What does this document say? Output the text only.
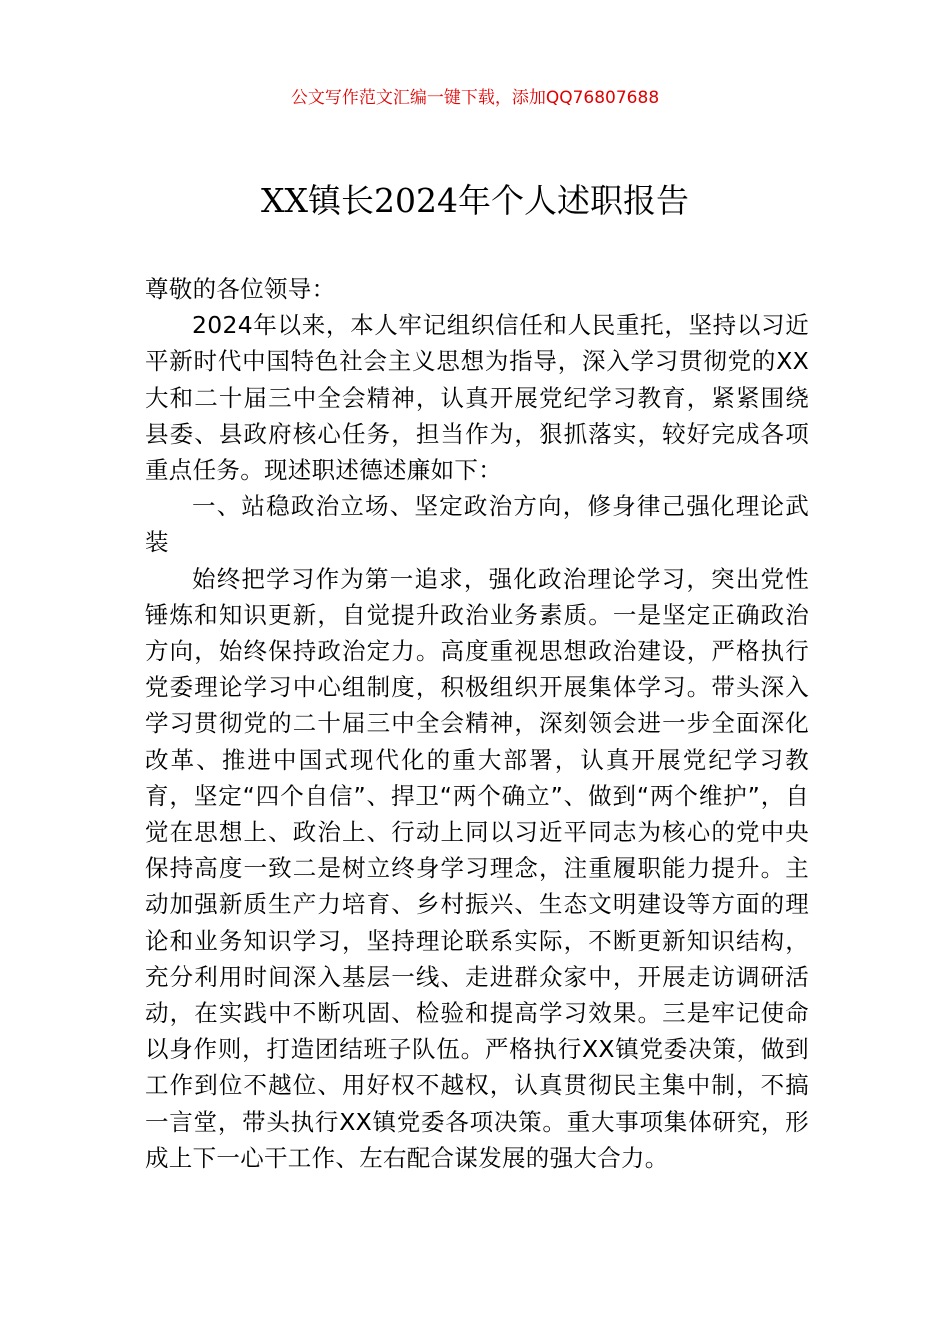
公文写作范文汇编一键下载，添加QQ76807688
XX镇长2024年个人述职报告

尊敬的各位领导：

2024年以来，本人牢记组织信任和人民重托，坚持以习近平新时代中国特色社会主义思想为指导，深入学习贯彻党的XX大和二十届三中全会精神，认真开展党纪学习教育，紧紧围绕县委、县政府核心任务，担当作为，狠抓落实，较好完成各项重点任务。现述职述德述廉如下：

一、站稳政治立场、坚定政治方向，修身律己强化理论武装

始终把学习作为第一追求，强化政治理论学习，突出党性锤炼和知识更新，自觉提升政治业务素质。一是坚定正确政治方向，始终保持政治定力。高度重视思想政治建设，严格执行党委理论学习中心组制度，积极组织开展集体学习。带头深入学习贯彻党的二十届三中全会精神，深刻领会进一步全面深化改革、推进中国式现代化的重大部署，认真开展党纪学习教育，坚定“四个自信”、捍卫“两个确立”、做到“两个维护”，自觉在思想上、政治上、行动上同以习近平同志为核心的党中央保持高度一致二是树立终身学习理念，注重履职能力提升。主动加强新质生产力培育、乡村振兴、生态文明建设等方面的理论和业务知识学习，坚持理论联系实际，不断更新知识结构，充分利用时间深入基层一线、走进群众家中，开展走访调研活动，在实践中不断巩固、检验和提高学习效果。三是牢记使命以身作则，打造团结班子队伍。严格执行XX镇党委决策，做到工作到位不越位、用好权不越权，认真贯彻民主集中制，不搞一言堂，带头执行XX镇党委各项决策。重大事项集体研究，形成上下一心干工作、左右配合谋发展的强大合力。
